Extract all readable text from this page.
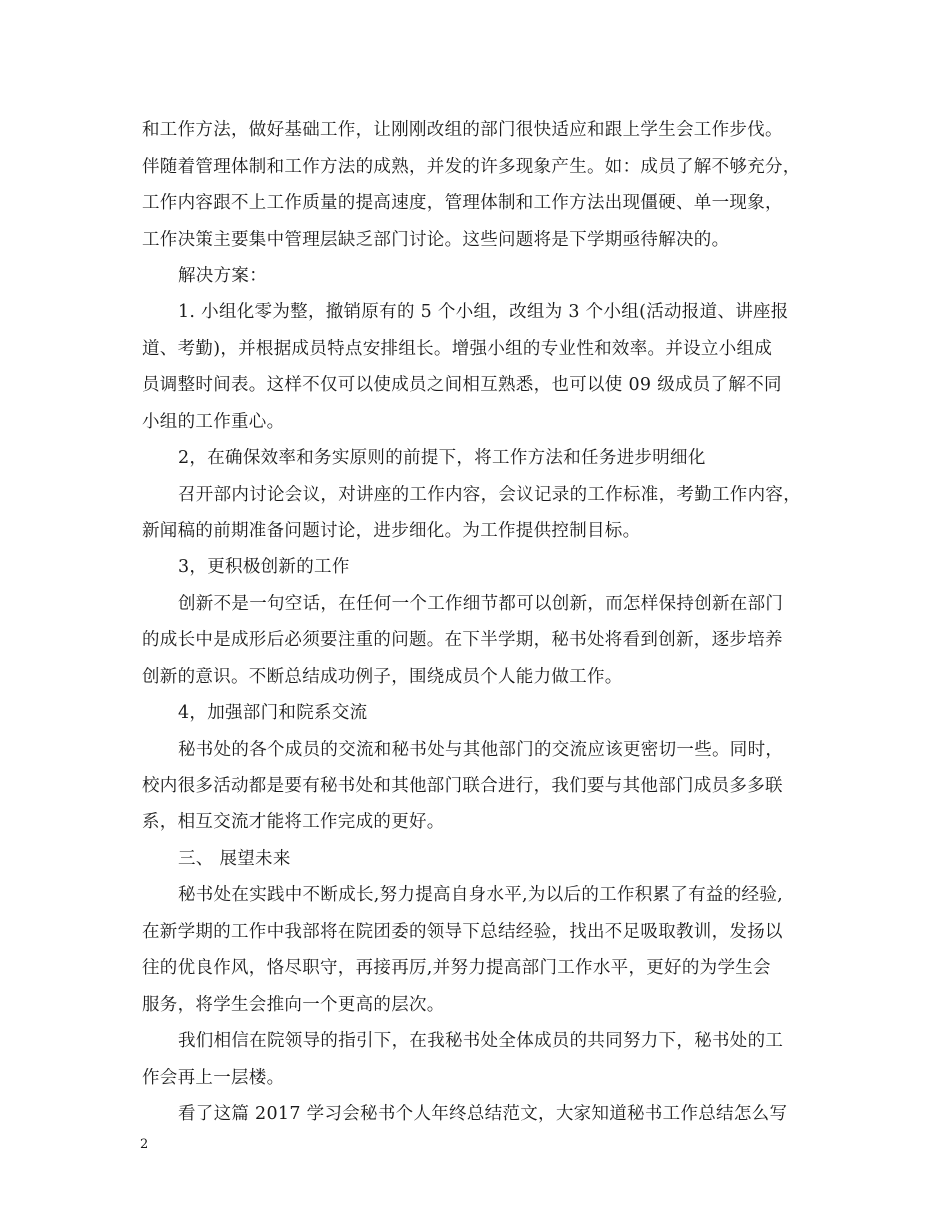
和工作方法，做好基础工作，让刚刚改组的部门很快适应和跟上学生会工作步伐。
伴随着管理体制和工作方法的成熟，并发的许多现象产生。如：成员了解不够充分，
工作内容跟不上工作质量的提高速度，管理体制和工作方法出现僵硬、单一现象，
工作决策主要集中管理层缺乏部门讨论。这些问题将是下学期亟待解决的。
解决方案：
1. 小组化零为整，撤销原有的 5 个小组，改组为 3 个小组(活动报道、讲座报
道、考勤)，并根据成员特点安排组长。增强小组的专业性和效率。并设立小组成
员调整时间表。这样不仅可以使成员之间相互熟悉，也可以使 09 级成员了解不同
小组的工作重心。
2，在确保效率和务实原则的前提下，将工作方法和任务进步明细化
召开部内讨论会议，对讲座的工作内容，会议记录的工作标准，考勤工作内容，
新闻稿的前期准备问题讨论，进步细化。为工作提供控制目标。
3，更积极创新的工作
创新不是一句空话，在任何一个工作细节都可以创新，而怎样保持创新在部门
的成长中是成形后必须要注重的问题。在下半学期，秘书处将看到创新，逐步培养
创新的意识。不断总结成功例子，围绕成员个人能力做工作。
4，加强部门和院系交流
秘书处的各个成员的交流和秘书处与其他部门的交流应该更密切一些。同时，
校内很多活动都是要有秘书处和其他部门联合进行，我们要与其他部门成员多多联
系，相互交流才能将工作完成的更好。
三、 展望未来
秘书处在实践中不断成长,努力提高自身水平,为以后的工作积累了有益的经验,
在新学期的工作中我部将在院团委的领导下总结经验，找出不足吸取教训，发扬以
往的优良作风，恪尽职守，再接再厉,并努力提高部门工作水平，更好的为学生会
服务，将学生会推向一个更高的层次。
我们相信在院领导的指引下，在我秘书处全体成员的共同努力下，秘书处的工
作会再上一层楼。
看了这篇 2017 学习会秘书个人年终总结范文，大家知道秘书工作总结怎么写
2
